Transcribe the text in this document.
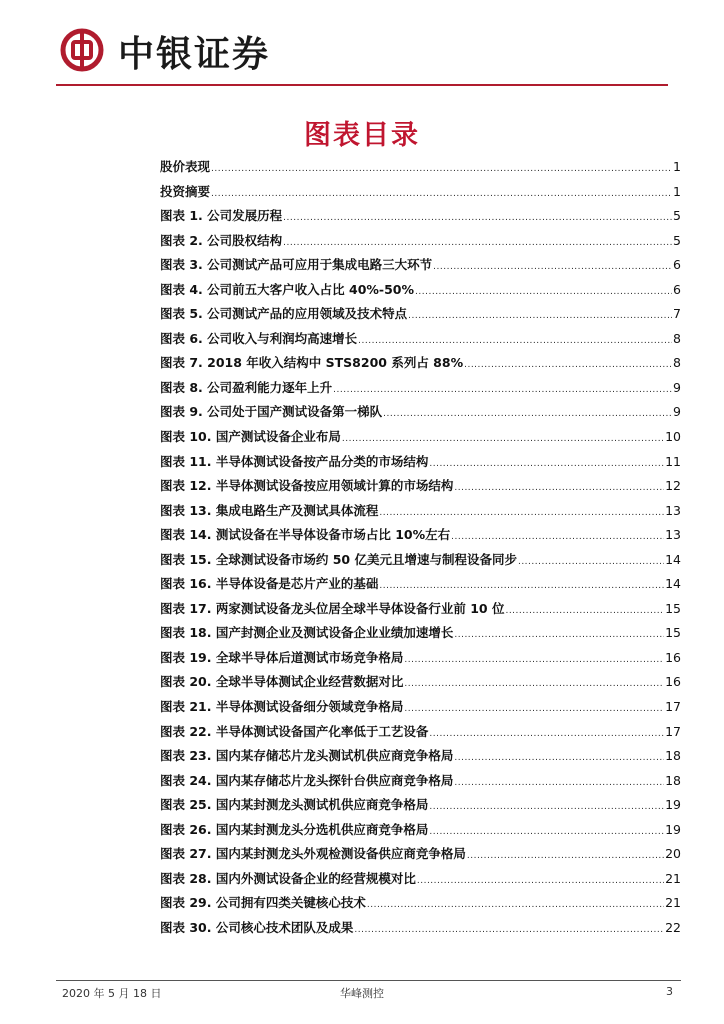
中银证券
图表目录
股价表现 .....	1
投资摘要 .....	1
图表 1. 公司发展历程 .....	5
图表 2. 公司股权结构 .....	5
图表 3. 公司测试产品可应用于集成电路三大环节 .....	6
图表 4. 公司前五大客户收入占比 40%-50% .....	6
图表 5. 公司测试产品的应用领域及技术特点 .....	7
图表 6. 公司收入与利润均高速增长 .....	8
图表 7. 2018 年收入结构中 STS8200 系列占 88% .....	8
图表 8. 公司盈利能力逐年上升 .....	9
图表 9. 公司处于国产测试设备第一梯队 .....	9
图表 10. 国产测试设备企业布局 .....	10
图表 11. 半导体测试设备按产品分类的市场结构 .....	11
图表 12. 半导体测试设备按应用领域计算的市场结构 .....	12
图表 13. 集成电路生产及测试具体流程 .....	13
图表 14. 测试设备在半导体设备市场占比 10%左右 .....	13
图表 15. 全球测试设备市场约 50 亿美元且增速与制程设备同步 .....	14
图表 16. 半导体设备是芯片产业的基础 .....	14
图表 17. 两家测试设备龙头位居全球半导体设备行业前 10 位 .....	15
图表 18. 国产封测企业及测试设备企业业绩加速增长 .....	15
图表 19. 全球半导体后道测试市场竞争格局 .....	16
图表 20. 全球半导体测试企业经营数据对比 .....	16
图表 21. 半导体测试设备细分领域竞争格局 .....	17
图表 22. 半导体测试设备国产化率低于工艺设备 .....	17
图表 23. 国内某存储芯片龙头测试机供应商竞争格局 .....	18
图表 24. 国内某存储芯片龙头探针台供应商竞争格局 .....	18
图表 25. 国内某封测龙头测试机供应商竞争格局 .....	19
图表 26. 国内某封测龙头分选机供应商竞争格局 .....	19
图表 27. 国内某封测龙头外观检测设备供应商竞争格局 .....	20
图表 28. 国内外测试设备企业的经营规模对比 .....	21
图表 29. 公司拥有四类关键核心技术 .....	21
图表 30. 公司核心技术团队及成果 .....	22
2020 年 5 月 18 日	华峰测控	3
